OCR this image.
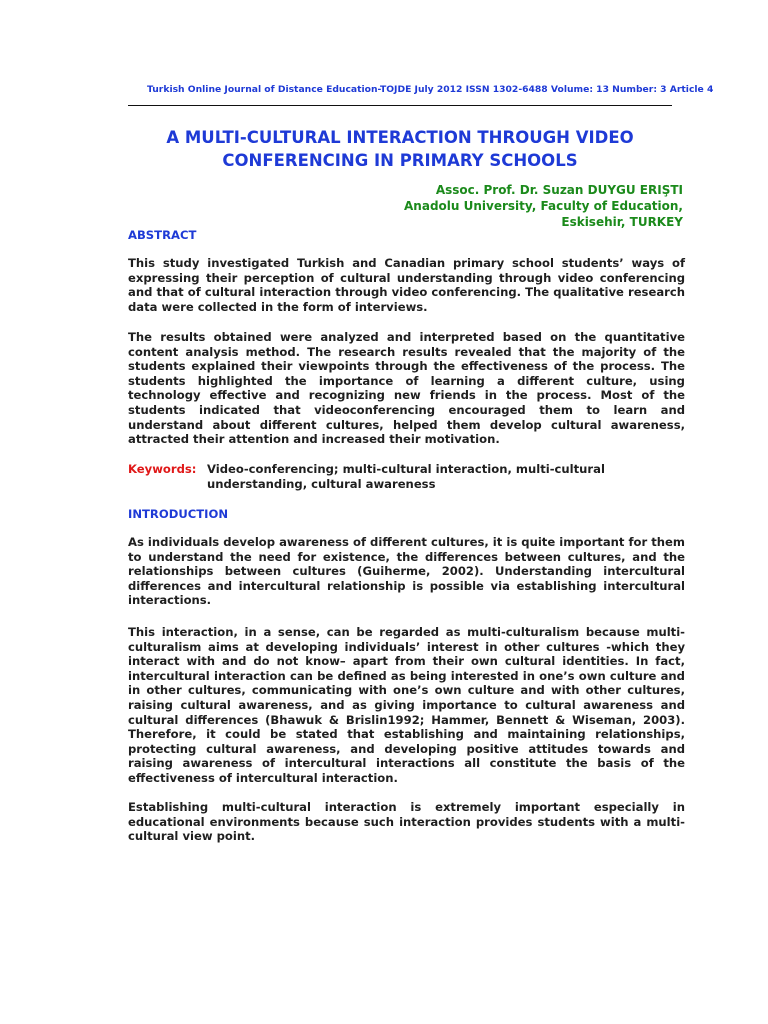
Turkish Online Journal of Distance Education-TOJDE July 2012 ISSN 1302-6488 Volume: 13 Number: 3 Article 4
A MULTI-CULTURAL INTERACTION THROUGH VIDEO
CONFERENCING IN PRIMARY SCHOOLS
Assoc. Prof. Dr. Suzan DUYGU ERIŞTI
Anadolu University, Faculty of Education,
Eskisehir, TURKEY
ABSTRACT

This study investigated Turkish and Canadian primary school students’ ways of expressing their perception of cultural understanding through video conferencing and that of cultural interaction through video conferencing. The qualitative research data were collected in the form of interviews.

The results obtained were analyzed and interpreted based on the quantitative content analysis method. The research results revealed that the majority of the students explained their viewpoints through the effectiveness of the process. The students highlighted the importance of learning a different culture, using technology effective and recognizing new friends in the process. Most of the students indicated that videoconferencing encouraged them to learn and understand about different cultures, helped them develop cultural awareness, attracted their attention and increased their motivation.

Keywords: Video-conferencing; multi-cultural interaction, multi-cultural understanding, cultural awareness
INTRODUCTION

As individuals develop awareness of different cultures, it is quite important for them to understand the need for existence, the differences between cultures, and the relationships between cultures (Guiherme, 2002). Understanding intercultural differences and intercultural relationship is possible via establishing intercultural interactions.

This interaction, in a sense, can be regarded as multi-culturalism because multi-culturalism aims at developing individuals’ interest in other cultures -which they interact with and do not know– apart from their own cultural identities. In fact, intercultural interaction can be defined as being interested in one’s own culture and in other cultures, communicating with one’s own culture and with other cultures, raising cultural awareness, and as giving importance to cultural awareness and cultural differences (Bhawuk & Brislin1992; Hammer, Bennett & Wiseman, 2003). Therefore, it could be stated that establishing and maintaining relationships, protecting cultural awareness, and developing positive attitudes towards and raising awareness of intercultural interactions all constitute the basis of the effectiveness of intercultural interaction.

Establishing multi-cultural interaction is extremely important especially in educational environments because such interaction provides students with a multi-cultural view point.
